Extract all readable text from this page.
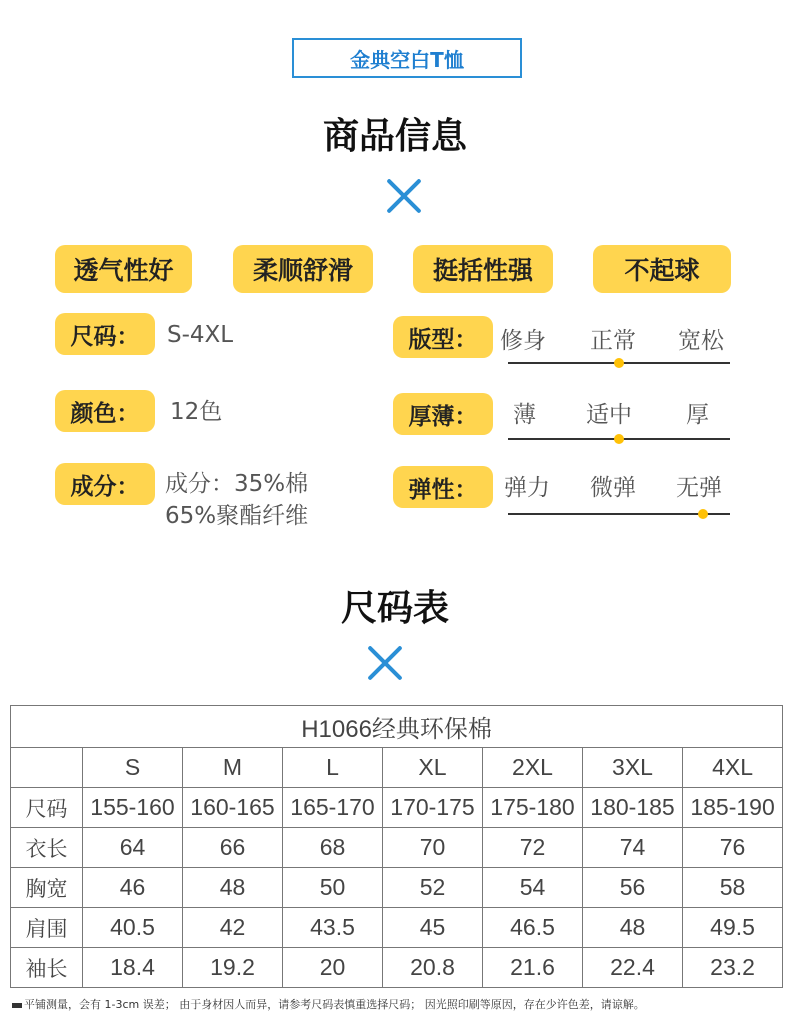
金典空白T恤
商品信息
透气性好	柔顺舒滑	挺括性强	不起球
尺码：	S-4XL
颜色：	12色
成分：	成分：35%棉
65%聚酯纤维
版型： 修身 正常 宽松
厚薄：	薄 适中 厚
弹性：	弹力 微弹 无弹
尺码表
H1066经典环保棉							
	S	M	L	XL	2XL	3XL	4XL
尺码	155-160	160-165	165-170	170-175	175-180	180-185	185-190
衣长	64	66	68	70	72	74	76
胸宽	46	48	50	52	54	56	58
肩围	40.5	42	43.5	45	46.5	48	49.5
袖长	18.4	19.2	20	20.8	21.6	22.4	23.2
平铺测量，会有 1-3cm 误差； 由于身材因人而异，请参考尺码表慎重选择尺码； 因光照印刷等原因，存在少许色差，请谅解。
